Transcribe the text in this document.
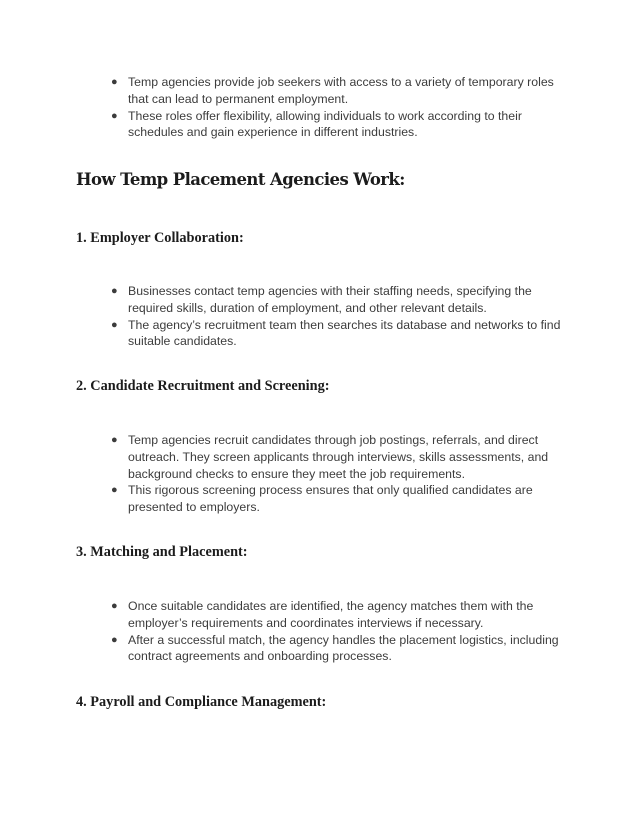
● Temp agencies provide job seekers with access to a variety of temporary roles that can lead to permanent employment.
● These roles offer flexibility, allowing individuals to work according to their schedules and gain experience in different industries.
How Temp Placement Agencies Work:
1. Employer Collaboration:
● Businesses contact temp agencies with their staffing needs, specifying the required skills, duration of employment, and other relevant details.
● The agency’s recruitment team then searches its database and networks to find suitable candidates.
2. Candidate Recruitment and Screening:
● Temp agencies recruit candidates through job postings, referrals, and direct outreach. They screen applicants through interviews, skills assessments, and background checks to ensure they meet the job requirements.
● This rigorous screening process ensures that only qualified candidates are presented to employers.
3. Matching and Placement:
● Once suitable candidates are identified, the agency matches them with the employer’s requirements and coordinates interviews if necessary.
● After a successful match, the agency handles the placement logistics, including contract agreements and onboarding processes.
4. Payroll and Compliance Management:
